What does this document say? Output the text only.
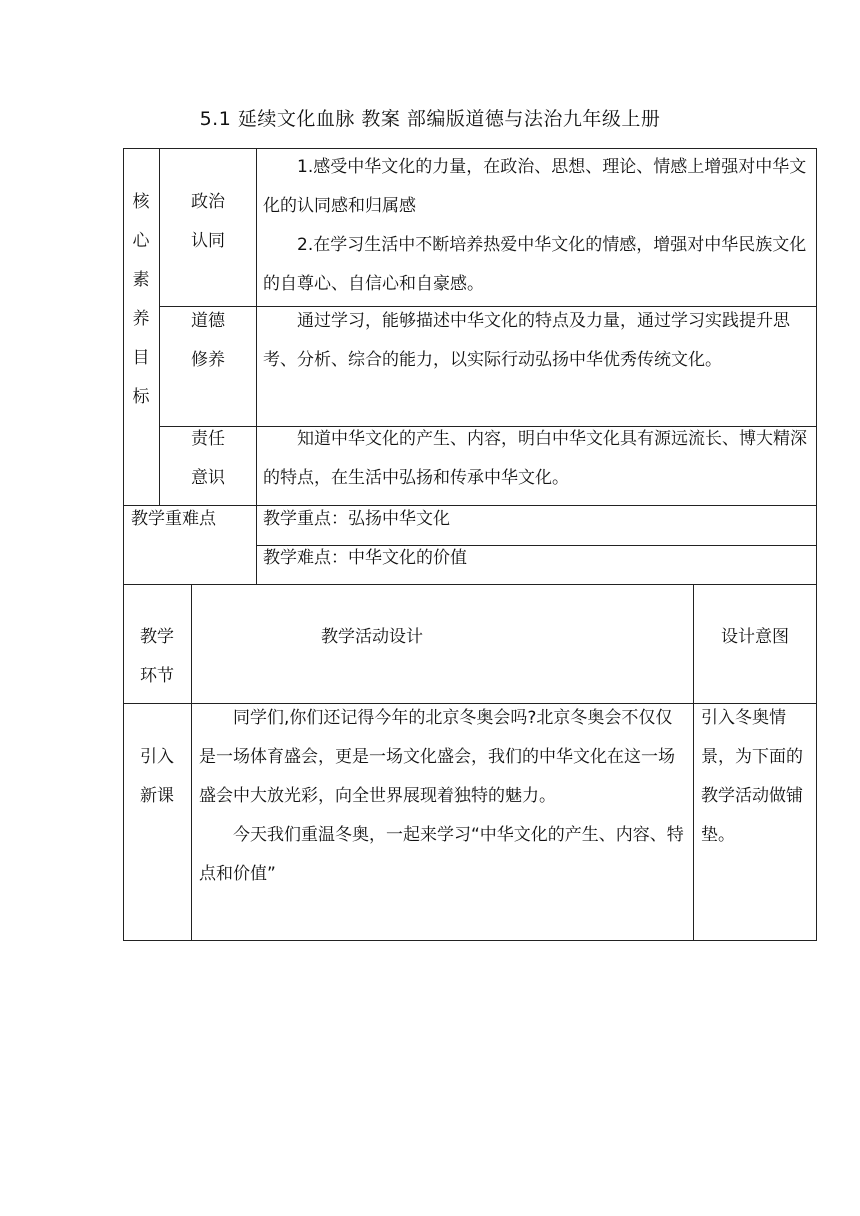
5.1 延续文化血脉 教案 部编版道德与法治九年级上册
核
心
素
养
目
标
政治
认同

1.感受中华文化的力量，在政治、思想、理论、情感上增强对中华文化的认同感和归属感

2.在学习生活中不断培养热爱中华文化的情感，增强对中华民族文化的自尊心、自信心和自豪感。

道德
修养

通过学习，能够描述中华文化的特点及力量，通过学习实践提升思考、分析、综合的能力，以实际行动弘扬中华优秀传统文化。

责任
意识

知道中华文化的产生、内容，明白中华文化具有源远流长、博大精深的特点，在生活中弘扬和传承中华文化。

教学重难点	教学重点：弘扬中华文化
教学难点：中华文化的价值
教学
环节
教学活动设计	设计意图
引入
新课

同学们,你们还记得今年的北京冬奥会吗?北京冬奥会不仅仅是一场体育盛会，更是一场文化盛会，我们的中华文化在这一场盛会中大放光彩，向全世界展现着独特的魅力。

今天我们重温冬奥，一起来学习“中华文化的产生、内容、特点和价值”

引入冬奥情景，为下面的教学活动做铺垫。
